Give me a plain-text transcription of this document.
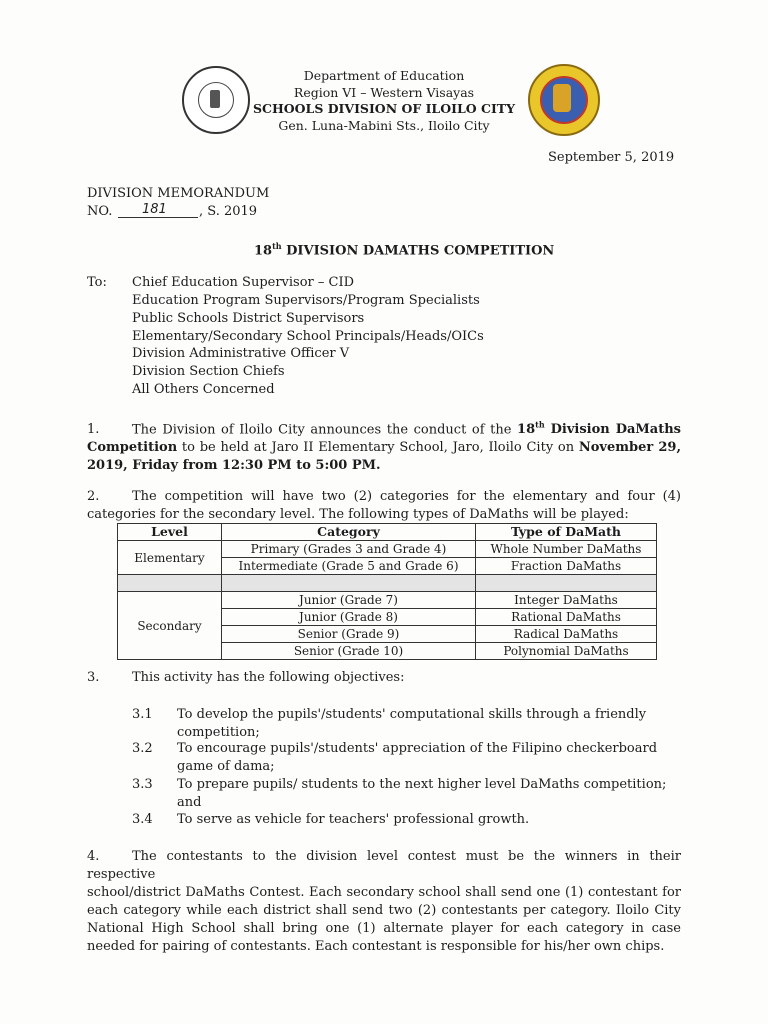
Department of Education
Region VI – Western Visayas
SCHOOLS DIVISION OF ILOILO CITY
Gen. Luna-Mabini Sts., Iloilo City
September 5, 2019
DIVISION MEMORANDUM
NO. 181 , S. 2019
18th DIVISION DAMATHS COMPETITION
To: Chief Education Supervisor – CID
Education Program Supervisors/Program Specialists
Public Schools District Supervisors
Elementary/Secondary School Principals/Heads/OICs
Division Administrative Officer V
Division Section Chiefs
All Others Concerned
1.	The Division of Iloilo City announces the conduct of the 18th Division DaMaths
Competition to be held at Jaro II Elementary School, Jaro, Iloilo City on November 29,
2019, Friday from 12:30 PM to 5:00 PM.
2.	The competition will have two (2) categories for the elementary and four (4)
categories for the secondary level. The following types of DaMaths will be played:
Level	Category	Type of DaMath
Elementary	Primary (Grades 3 and Grade 4)	Whole Number DaMaths
	Intermediate (Grade 5 and Grade 6)	Fraction DaMaths

Secondary	Junior (Grade 7)	Integer DaMaths
	Junior (Grade 8)	Rational DaMaths
	Senior (Grade 9)	Radical DaMaths
	Senior (Grade 10)	Polynomial DaMaths
3.	This activity has the following objectives:
3.1 To develop the pupils'/students' computational skills through a friendly
competition;
3.2 To encourage pupils'/students' appreciation of the Filipino checkerboard
game of dama;
3.3 To prepare pupils/ students to the next higher level DaMaths competition;
and
3.4 To serve as vehicle for teachers' professional growth.
4.	The contestants to the division level contest must be the winners in their respective
school/district DaMaths Contest. Each secondary school shall send one (1) contestant for
each category while each district shall send two (2) contestants per category. Iloilo City
National High School shall bring one (1) alternate player for each category in case
needed for pairing of contestants. Each contestant is responsible for his/her own chips.
